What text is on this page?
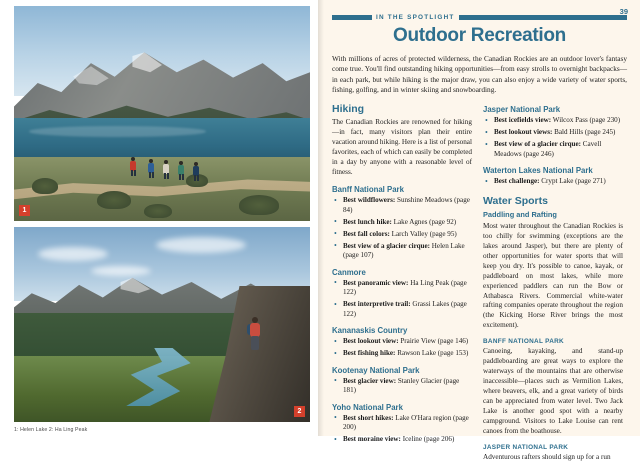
1
2
1: Helen Lake 2: Ha Ling Peak
39
IN THE SPOTLIGHT
Outdoor Recreation
With millions of acres of protected wilderness, the Canadian Rockies are an outdoor lover's fantasy come true. You'll find outstanding hiking opportunities—from easy strolls to overnight backpacks—in each park, but while hiking is the major draw, you can also enjoy a wide variety of water sports, fishing, golfing, and in winter skiing and snowboarding.
Hiking

The Canadian Rockies are renowned for hiking—in fact, many visitors plan their entire vacation around hiking. Here is a list of personal favorites, each of which can easily be completed in a day by anyone with a reasonable level of fitness.

Banff National Park
• Best wildflowers: Sunshine Meadows (page 84)
• Best lunch hike: Lake Agnes (page 92)
• Best fall colors: Larch Valley (page 95)
• Best view of a glacier cirque: Helen Lake (page 107)
Canmore
• Best panoramic view: Ha Ling Peak (page 122)
• Best interpretive trail: Grassi Lakes (page 122)
Kananaskis Country
• Best lookout view: Prairie View (page 146)
• Best fishing hike: Rawson Lake (page 153)
Kootenay National Park
• Best glacier view: Stanley Glacier (page 181)
Yoho National Park
• Best short hikes: Lake O'Hara region (page 200)
• Best moraine view: Iceline (page 206)
Jasper National Park
• Best icefields view: Wilcox Pass (page 230)
• Best lookout views: Bald Hills (page 245)
• Best view of a glacier cirque: Cavell Meadows (page 246)
Waterton Lakes National Park
• Best challenge: Crypt Lake (page 271)
Water Sports
Paddling and Rafting

Most water throughout the Canadian Rockies is too chilly for swimming (exceptions are the lakes around Jasper), but there are plenty of other opportunities for water sports that will keep you dry. It's possible to canoe, kayak, or paddleboard on most lakes, while more experienced paddlers can run the Bow or Athabasca Rivers. Commercial white-water rafting companies operate throughout the region (the Kicking Horse River brings the most excitement).

BANFF NATIONAL PARK

Canoeing, kayaking, and stand-up paddleboarding are great ways to explore the waterways of the mountains that are otherwise inaccessible—places such as Vermilion Lakes, where beavers, elk, and a great variety of birds can be appreciated from water level. Two Jack Lake is another good spot with a nearby campground. Visitors to Lake Louise can rent canoes from the boathouse.

JASPER NATIONAL PARK

Adventurous rafters should sign up for a run
